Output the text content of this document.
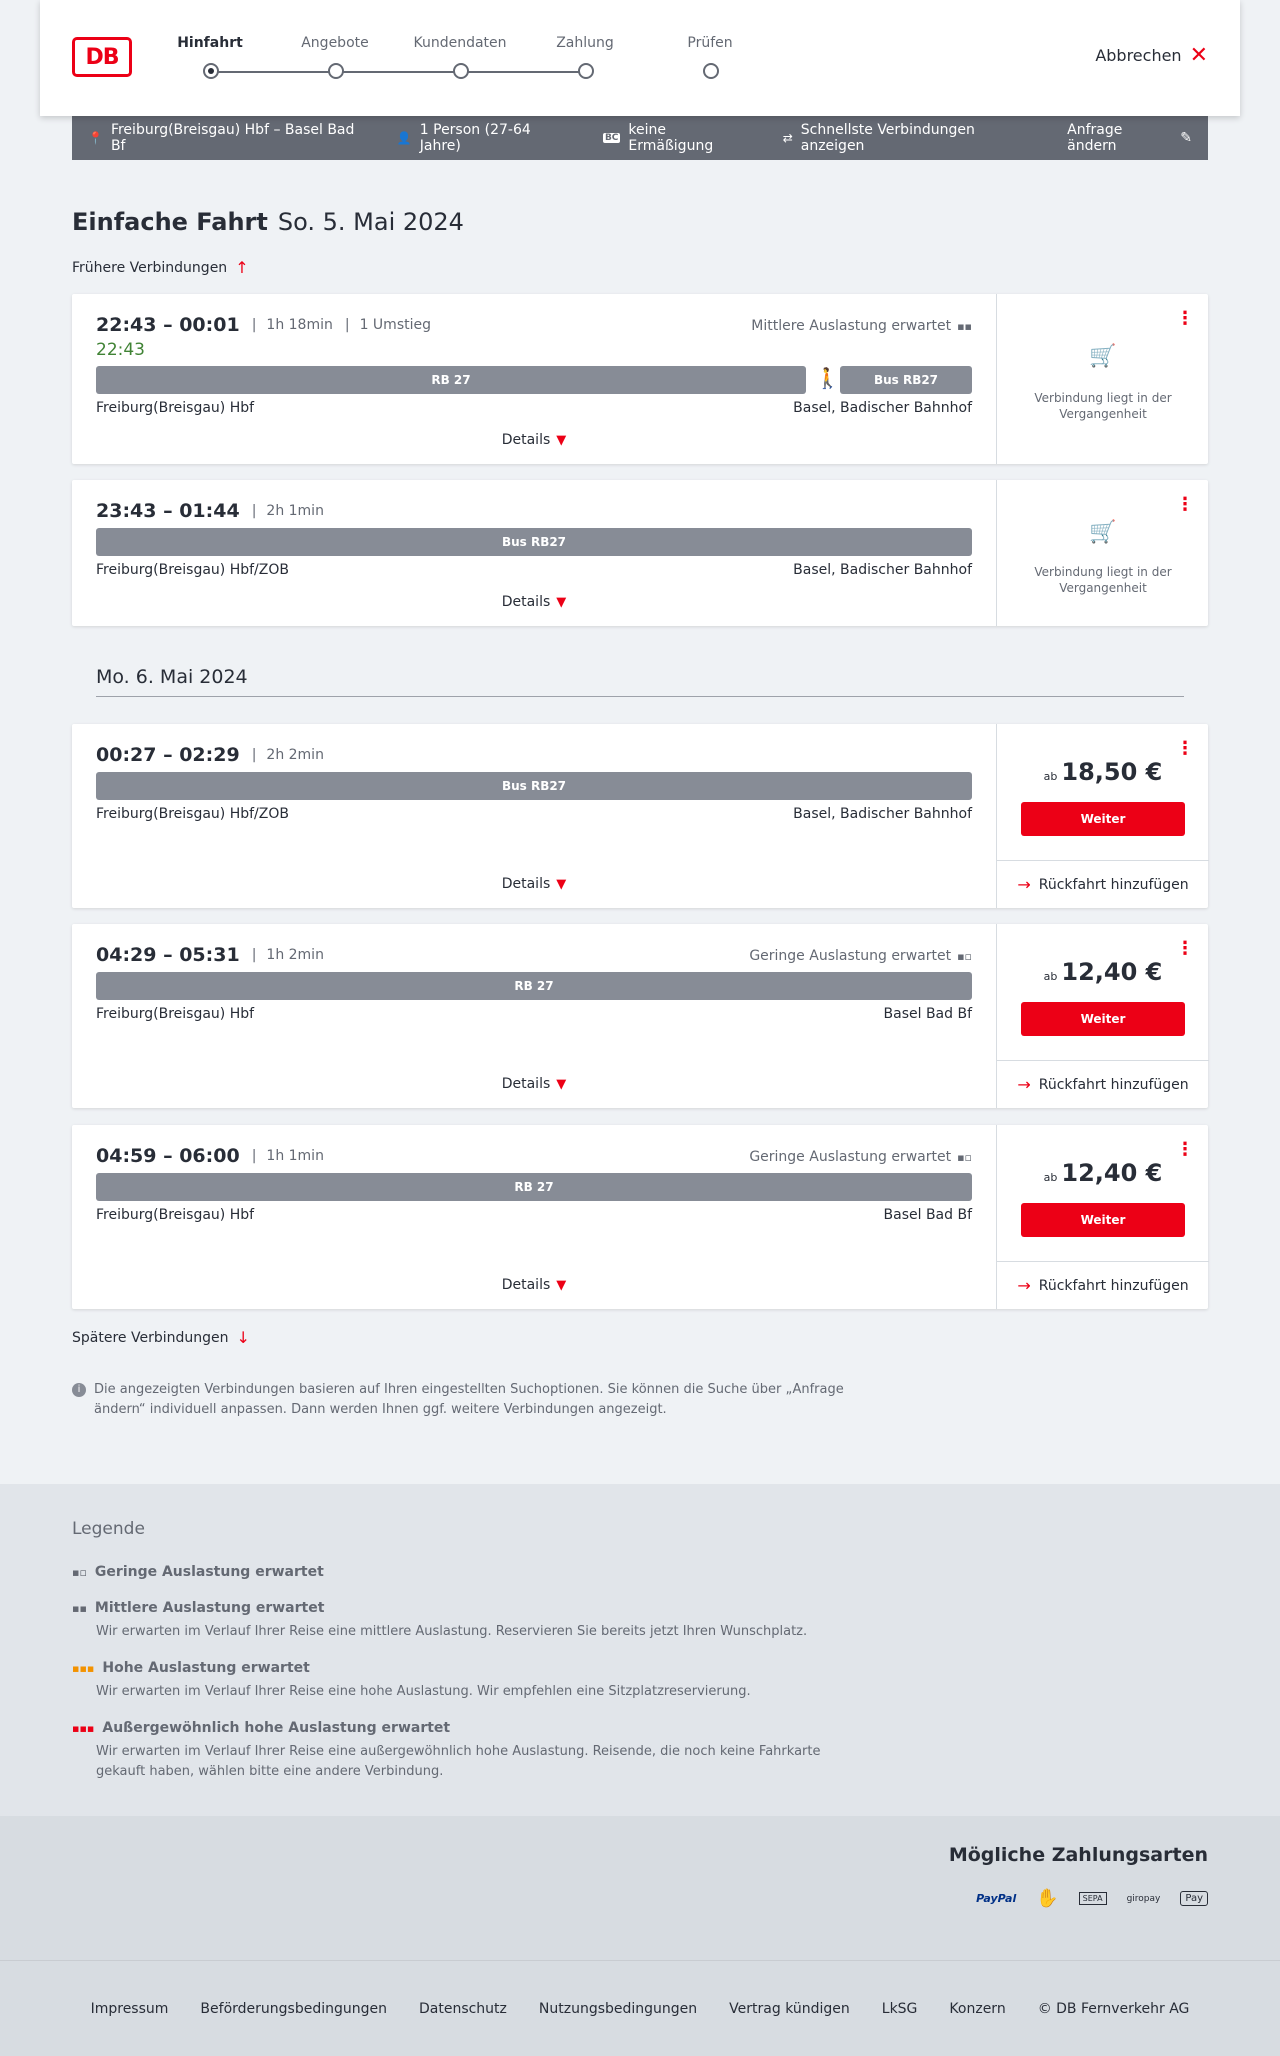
DB
Hinfahrt	Angebote	Kundendaten	Zahlung	Prüfen
Abbrechen ✕
📍 Freiburg(Breisgau) Hbf – Basel Bad Bf	👤 1 Person (27-64 Jahre)	BC keine Ermäßigung	⇄ Schnellste Verbindungen anzeigen
Anfrage ändern	✎
Einfache Fahrt So. 5. Mai 2024
Frühere Verbindungen ↑
22:43 – 00:01 | 1h 18min | 1 Umstieg
22:43
Mittlere Auslastung erwartet ▪▪
RB 27	🚶	Bus RB27
Freiburg(Breisgau) Hbf	Basel, Badischer Bahnhof
Details ▼
⋮
🛒
Verbindung liegt in der Vergangenheit
23:43 – 01:44 | 2h 1min
Bus RB27
Freiburg(Breisgau) Hbf/ZOB	Basel, Badischer Bahnhof
Details ▼
⋮
🛒
Verbindung liegt in der Vergangenheit
Mo. 6. Mai 2024
00:27 – 02:29 | 2h 2min
Bus RB27
Freiburg(Breisgau) Hbf/ZOB	Basel, Badischer Bahnhof
Details ▼
⋮
ab 18,50 €
Weiter
→ Rückfahrt hinzufügen
04:29 – 05:31 | 1h 2min	Geringe Auslastung erwartet ▪▫
RB 27
Freiburg(Breisgau) Hbf	Basel Bad Bf
Details ▼
⋮
ab 12,40 €
Weiter
→ Rückfahrt hinzufügen
04:59 – 06:00 | 1h 1min	Geringe Auslastung erwartet ▪▫
RB 27
Freiburg(Breisgau) Hbf	Basel Bad Bf
Details ▼
⋮
ab 12,40 €
Weiter
→ Rückfahrt hinzufügen
Spätere Verbindungen ↓
i	Die angezeigten Verbindungen basieren auf Ihren eingestellten Suchoptionen. Sie können die Suche über „Anfrage ändern“ individuell anpassen. Dann werden Ihnen ggf. weitere Verbindungen angezeigt.
Legende
▪▫ Geringe Auslastung erwartet
▪▪ Mittlere Auslastung erwartet
Wir erwarten im Verlauf Ihrer Reise eine mittlere Auslastung. Reservieren Sie bereits jetzt Ihren Wunschplatz.
▪▪▪ Hohe Auslastung erwartet
Wir erwarten im Verlauf Ihrer Reise eine hohe Auslastung. Wir empfehlen eine Sitzplatzreservierung.
▪▪▪ Außergewöhnlich hohe Auslastung erwartet
Wir erwarten im Verlauf Ihrer Reise eine außergewöhnlich hohe Auslastung. Reisende, die noch keine Fahrkarte gekauft haben, wählen bitte eine andere Verbindung.
Mögliche Zahlungsarten
PayPal ✋	SEPA	giropay	Pay
Impressum Beförderungsbedingungen Datenschutz Nutzungsbedingungen Vertrag kündigen LkSG Konzern © DB Fernverkehr AG
